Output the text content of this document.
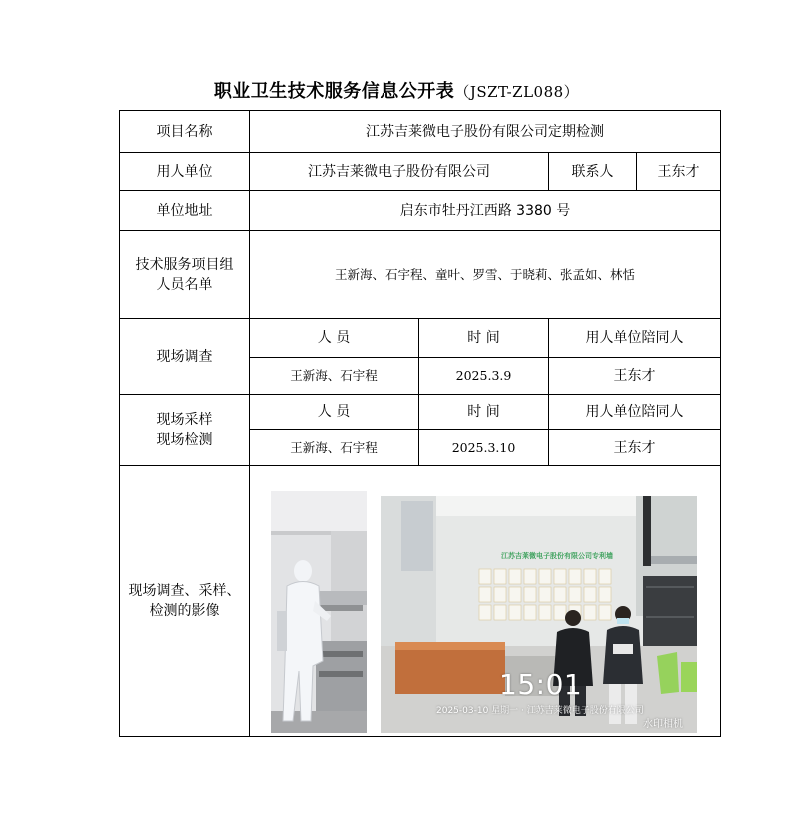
职业卫生技术服务信息公开表（JSZT-ZL088）
项目名称	江苏吉莱微电子股份有限公司定期检测			
用人单位	江苏吉莱微电子股份有限公司		联系人	王东才
单位地址	启东市牡丹江西路 3380 号			

技术服务项目组
人员名单	王新海、石宇程、童叶、罗雪、于晓莉、张孟如、林恬			
现场调查	人 员	时 间	用人单位陪同人	
	王新海、石宇程	2025.3.9	王东才	

现场采样
现场检测	人 员	时 间	用人单位陪同人	
	王新海、石宇程	2025.3.10	王东才	

现场调查、采样、
检测的影像				

江苏吉莱微电子股份有限公司专利墙
15:01
2025-03-10 星期一 · 江苏吉莱微电子股份有限公司
水印相机
